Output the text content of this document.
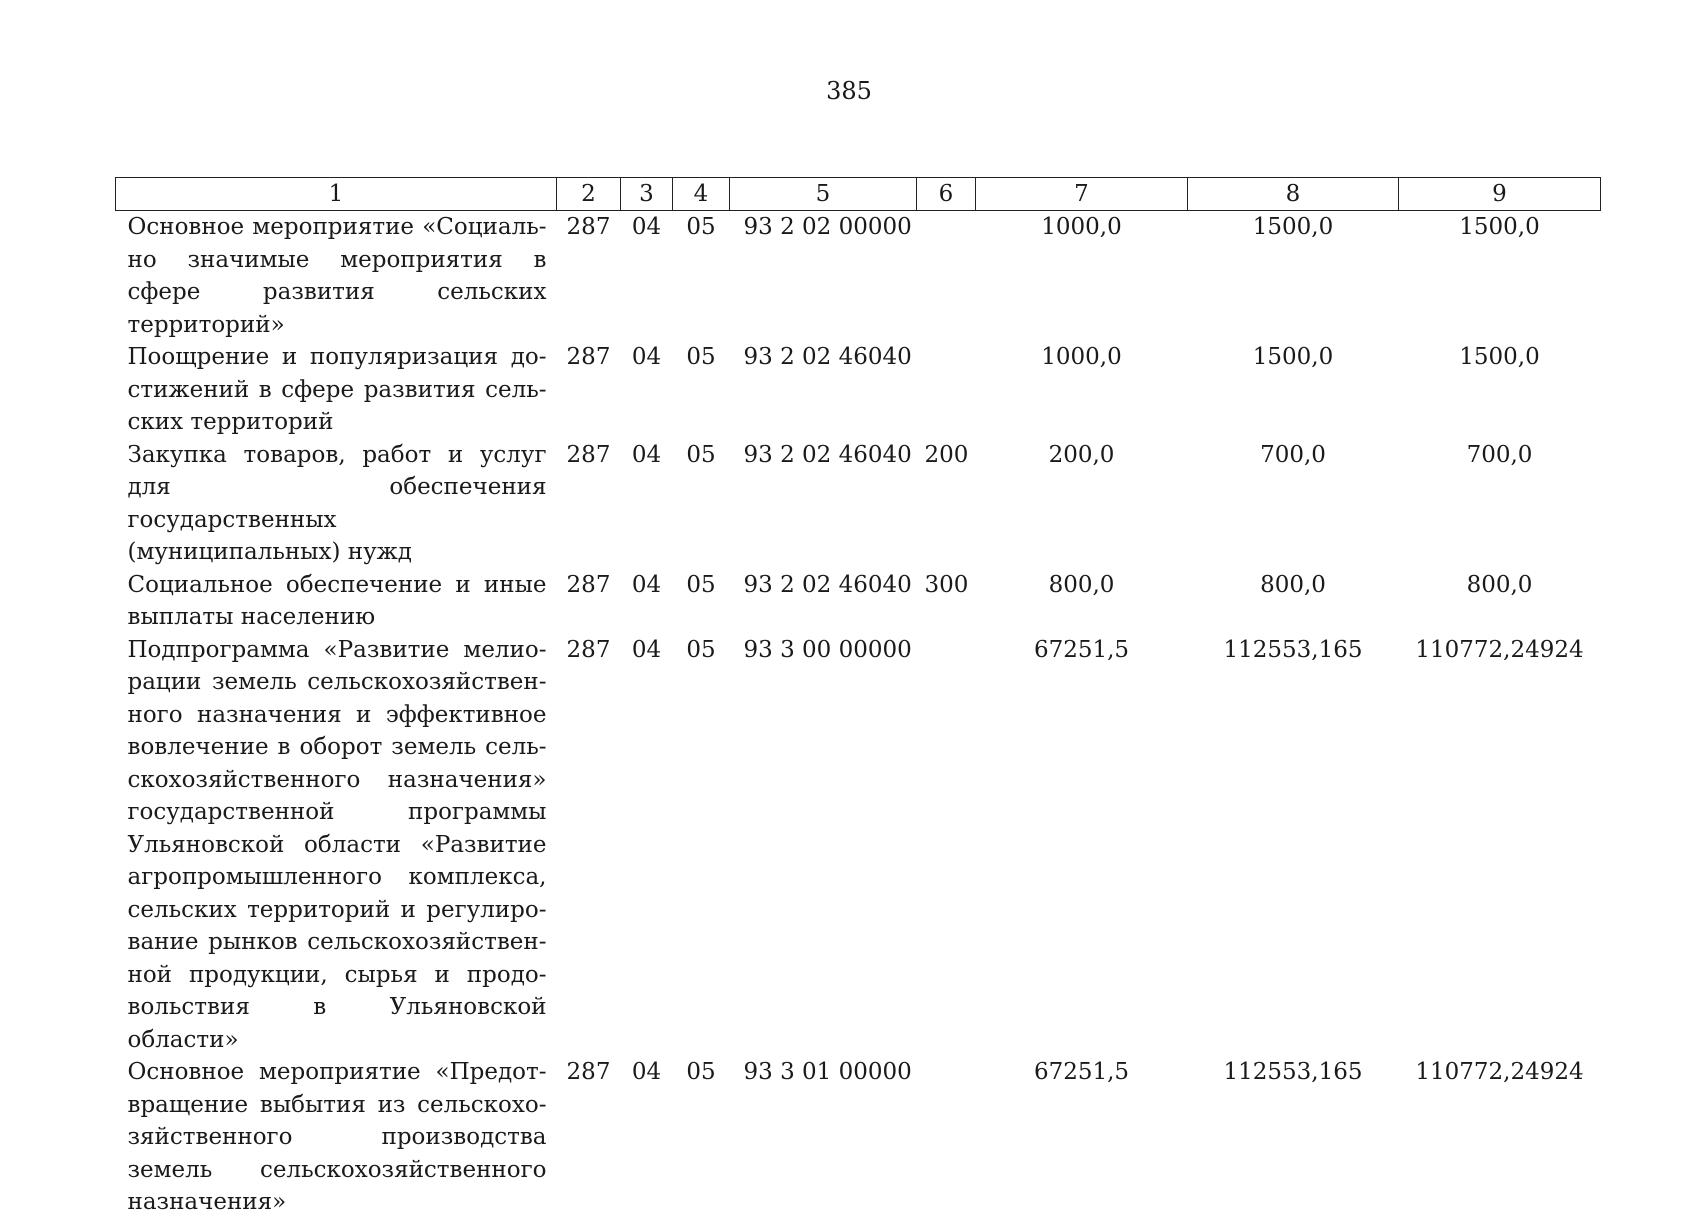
385
1	2	3	4	5	6	7	8	9
Основное мероприятие «Социально значимые мероприятия в сфере развития сельских территорий»	287	04	05	93 2 02 00000		1000,0	1500,0	1500,0
Поощрение и популяризация достижений в сфере развития сельских территорий	287	04	05	93 2 02 46040		1000,0	1500,0	1500,0
Закупка товаров, работ и услуг для обеспечения государственных (муниципальных) нужд	287	04	05	93 2 02 46040	200	200,0	700,0	700,0
Социальное обеспечение и иные выплаты населению	287	04	05	93 2 02 46040	300	800,0	800,0	800,0
Подпрограмма «Развитие мелиорации земель сельскохозяйственного назначения и эффективное вовлечение в оборот земель сельскохозяйственного назначения» государственной программы Ульяновской области «Развитие агропромышленного комплекса, сельских территорий и регулирование рынков сельскохозяйственной продукции, сырья и продовольствия в Ульяновской области»	287	04	05	93 3 00 00000		67251,5	112553,165	110772,24924
Основное мероприятие «Предотвращение выбытия из сельскохозяйственного производства земель сельскохозяйственного назначения»	287	04	05	93 3 01 00000		67251,5	112553,165	110772,24924
